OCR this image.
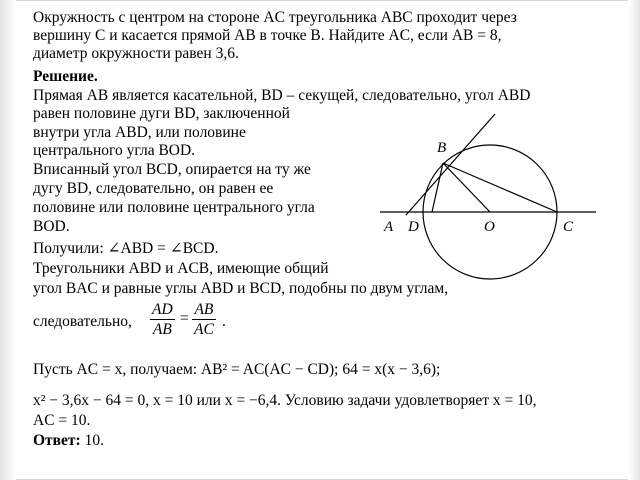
Окружность с центром на стороне AC треугольника ABC проходит через
вершину C и касается прямой AB в точке B. Найдите AC, если AB = 8,
диаметр окружности равен 3,6.
Решение.
Прямая AB является касательной, BD – секущей, следовательно, угол ABD
равен половине дуги BD, заключенной
внутри угла ABD, или половине
центрального угла BOD.
Вписанный угол BCD, опирается на ту же
дугу BD, следовательно, он равен ее
половине или половине центрального угла
BOD.
Получили: ∠ABD = ∠BCD.
Треугольники ABD и ACB, имеющие общий
угол BAC и равные углы ABD и BCD, подобны по двум углам,
следовательно, $\frac{AD}{AB} = \frac{AB}{AC}$ .
Пусть AC = x, получаем: AB² = AC(AC − CD); 64 = x(x − 3,6);
x² − 3,6x − 64 = 0, x = 10 или x = −6,4. Условию задачи удовлетворяет x = 10,
AC = 10.
Ответ: 10.
A D	O	C
B
